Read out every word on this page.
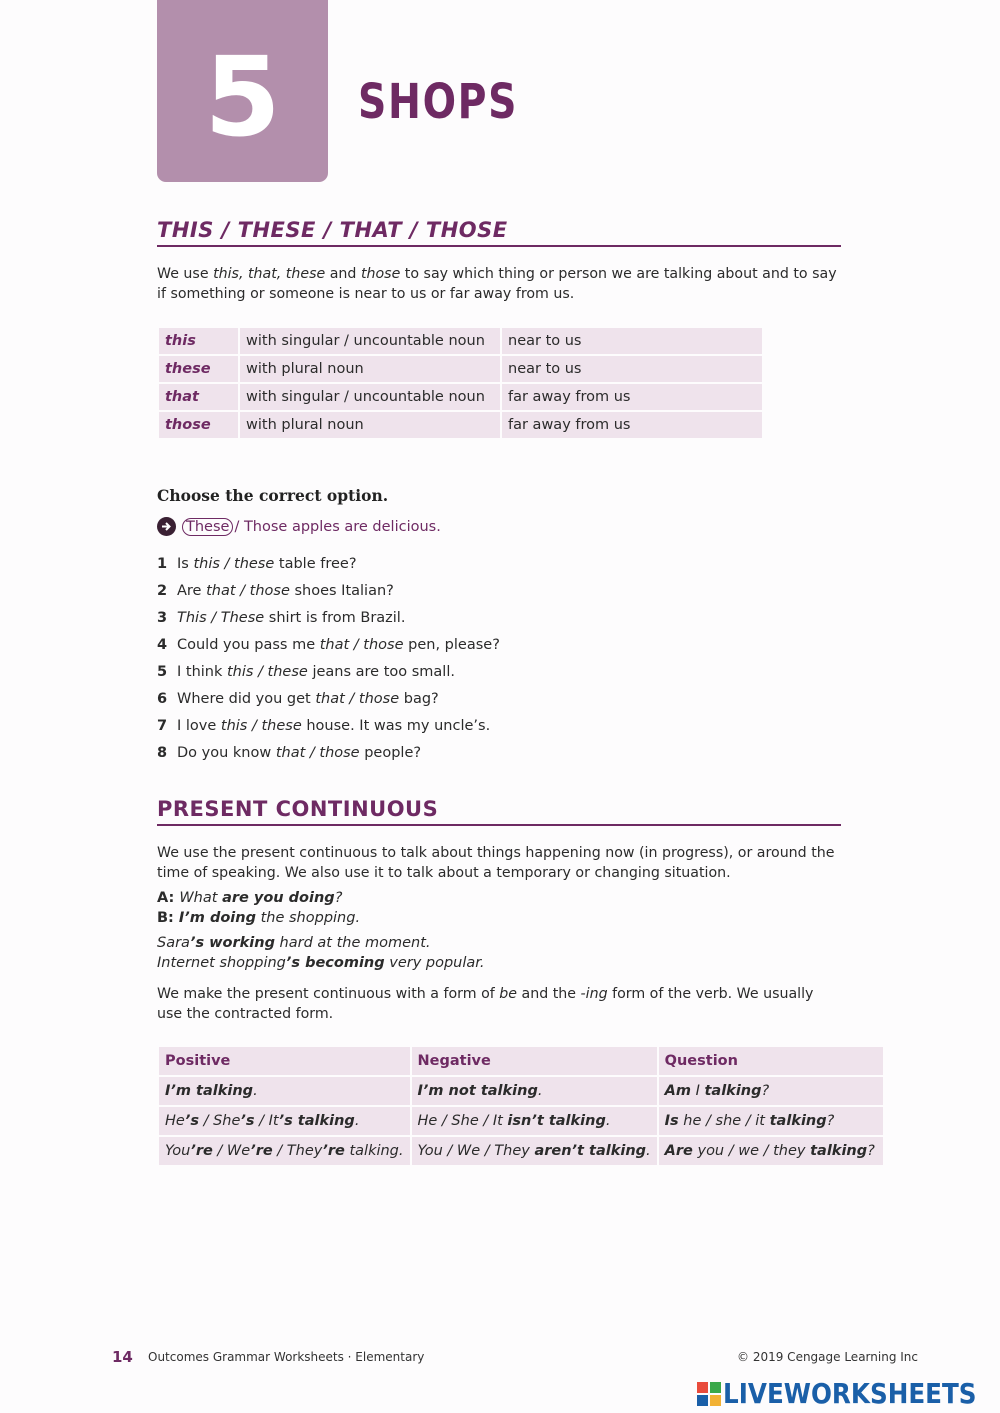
5 SHOPS
THIS / THESE / THAT / THOSE
We use this, that, these and those to say which thing or person we are talking about and to say if something or someone is near to us or far away from us.
this	with singular / uncountable noun	near to us
these	with plural noun	near to us
that	with singular / uncountable noun	far away from us
those	with plural noun	far away from us
Choose the correct option.
These / Those apples are delicious.
1 Is this / these table free?
2 Are that / those shoes Italian?
3 This / These shirt is from Brazil.
4 Could you pass me that / those pen, please?
5 I think this / these jeans are too small.
6 Where did you get that / those bag?
7 I love this / these house. It was my uncle’s.
8 Do you know that / those people?
PRESENT CONTINUOUS
We use the present continuous to talk about things happening now (in progress), or around the time of speaking. We also use it to talk about a temporary or changing situation.
A: What are you doing?
B: I’m doing the shopping.
Sara’s working hard at the moment.
Internet shopping’s becoming very popular.
We make the present continuous with a form of be and the -ing form of the verb. We usually use the contracted form.
Positive	Negative	Question
I’m talking.	I’m not talking.	Am I talking?
He’s / She’s / It’s talking.	He / She / It isn’t talking.	Is he / she / it talking?
You’re / We’re / They’re talking.	You / We / They aren’t talking.	Are you / we / they talking?
14 Outcomes Grammar Worksheets · Elementary	© 2019 Cengage Learning Inc
LIVEWORKSHEETS
